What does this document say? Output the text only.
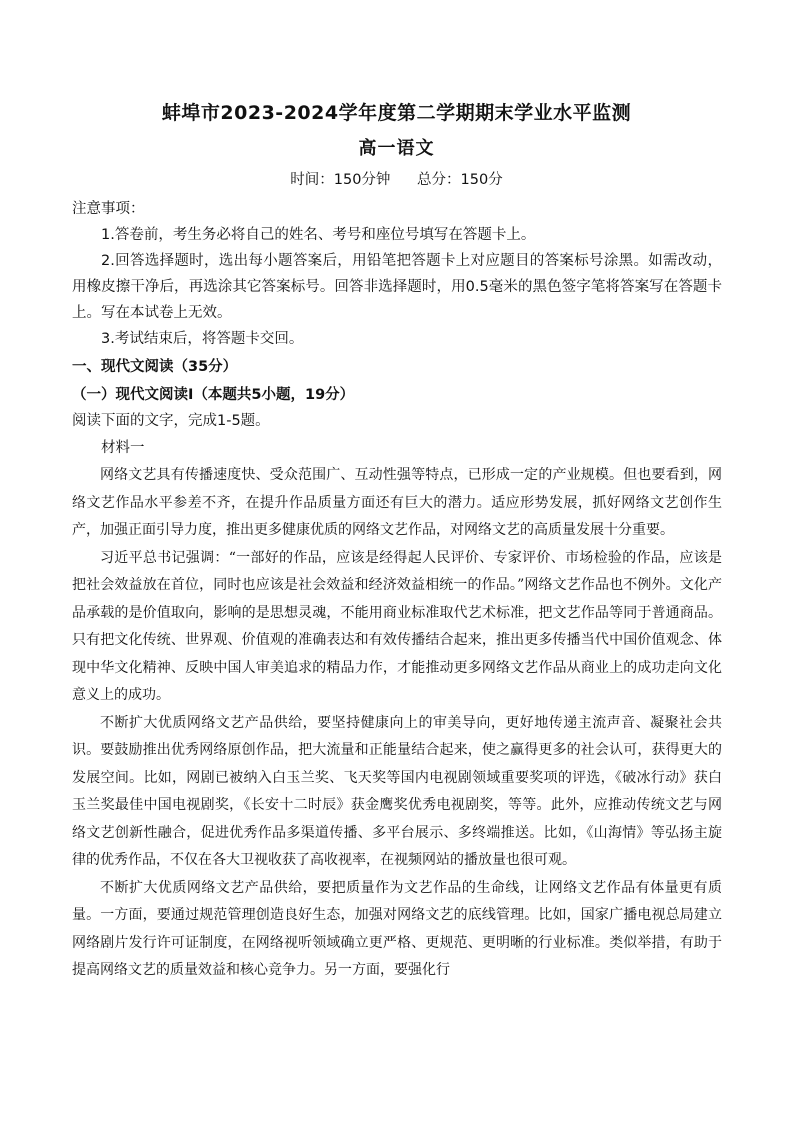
蚌埠市2023-2024学年度第二学期期末学业水平监测
高一语文
时间：150分钟 总分：150分
注意事项：
1.答卷前，考生务必将自己的姓名、考号和座位号填写在答题卡上。
2.回答选择题时，选出每小题答案后，用铅笔把答题卡上对应题目的答案标号涂黑。如需改动，用橡皮擦干净后，再选涂其它答案标号。回答非选择题时，用0.5毫米的黑色签字笔将答案写在答题卡上。写在本试卷上无效。
3.考试结束后，将答题卡交回。
一、现代文阅读（35分）
（一）现代文阅读Ⅰ（本题共5小题，19分）
阅读下面的文字，完成1-5题。
材料一

网络文艺具有传播速度快、受众范围广、互动性强等特点，已形成一定的产业规模。但也要看到，网络文艺作品水平参差不齐，在提升作品质量方面还有巨大的潜力。适应形势发展，抓好网络文艺创作生产，加强正面引导力度，推出更多健康优质的网络文艺作品，对网络文艺的高质量发展十分重要。

习近平总书记强调：“一部好的作品，应该是经得起人民评价、专家评价、市场检验的作品，应该是把社会效益放在首位，同时也应该是社会效益和经济效益相统一的作品。”网络文艺作品也不例外。文化产品承载的是价值取向，影响的是思想灵魂，不能用商业标准取代艺术标准，把文艺作品等同于普通商品。只有把文化传统、世界观、价值观的准确表达和有效传播结合起来，推出更多传播当代中国价值观念、体现中华文化精神、反映中国人审美追求的精品力作，才能推动更多网络文艺作品从商业上的成功走向文化意义上的成功。

不断扩大优质网络文艺产品供给，要坚持健康向上的审美导向，更好地传递主流声音、凝聚社会共识。要鼓励推出优秀网络原创作品，把大流量和正能量结合起来，使之赢得更多的社会认可，获得更大的发展空间。比如，网剧已被纳入白玉兰奖、飞天奖等国内电视剧领域重要奖项的评选，《破冰行动》获白玉兰奖最佳中国电视剧奖，《长安十二时辰》获金鹰奖优秀电视剧奖，等等。此外，应推动传统文艺与网络文艺创新性融合，促进优秀作品多渠道传播、多平台展示、多终端推送。比如，《山海情》等弘扬主旋律的优秀作品，不仅在各大卫视收获了高收视率，在视频网站的播放量也很可观。

不断扩大优质网络文艺产品供给，要把质量作为文艺作品的生命线，让网络文艺作品有体量更有质量。一方面，要通过规范管理创造良好生态，加强对网络文艺的底线管理。比如，国家广播电视总局建立网络剧片发行许可证制度，在网络视听领域确立更严格、更规范、更明晰的行业标准。类似举措，有助于提高网络文艺的质量效益和核心竞争力。另一方面，要强化行
